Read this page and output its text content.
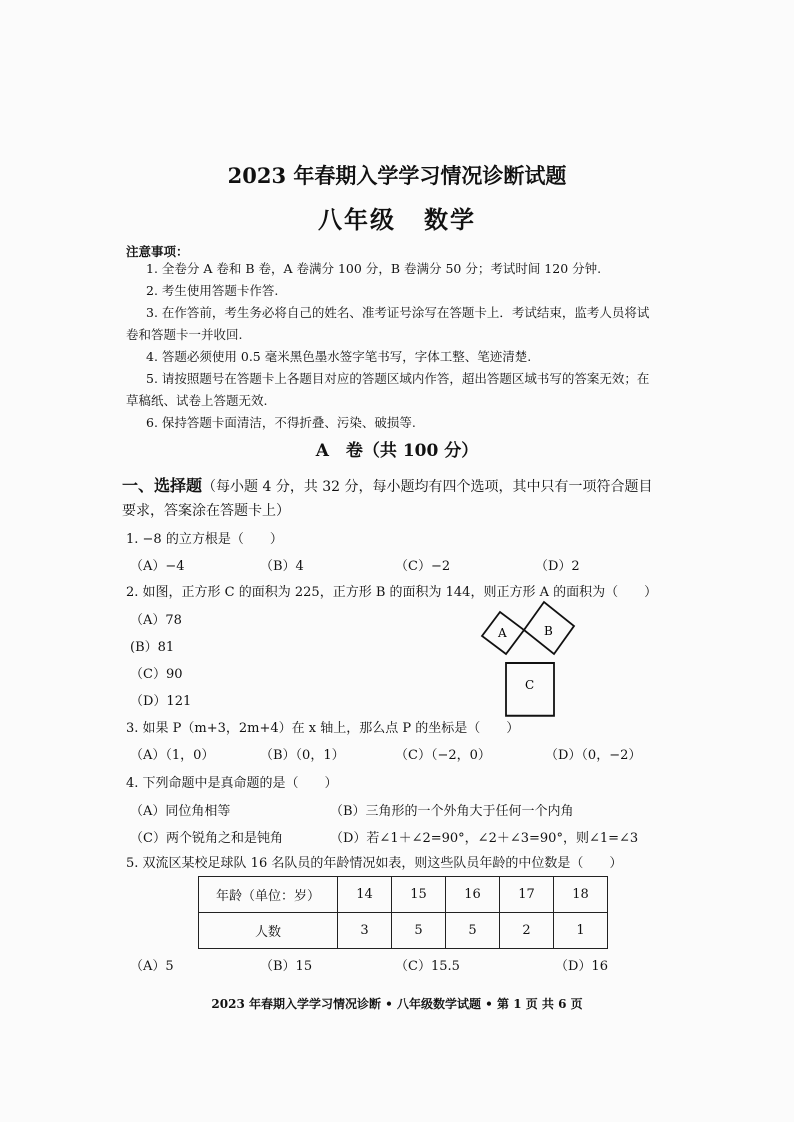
2023 年春期入学学习情况诊断试题
八年级 数学
注意事项：
1. 全卷分 A 卷和 B 卷，A 卷满分 100 分，B 卷满分 50 分；考试时间 120 分钟.
2. 考生使用答题卡作答.
3. 在作答前，考生务必将自己的姓名、准考证号涂写在答题卡上．考试结束，监考人员将试卷和答题卡一并收回.
4. 答题必须使用 0.5 毫米黑色墨水签字笔书写，字体工整、笔迹清楚.
5. 请按照题号在答题卡上各题目对应的答题区域内作答，超出答题区域书写的答案无效；在草稿纸、试卷上答题无效.
6. 保持答题卡面清洁，不得折叠、污染、破损等.
A　卷（共 100 分）
一、选择题（每小题 4 分，共 32 分，每小题均有四个选项，其中只有一项符合题目要求，答案涂在答题卡上）
1. −8 的立方根是（　　）
（A）−4	（B）4	（C）−2	（D）2
2. 如图，正方形 C 的面积为 225，正方形 B 的面积为 144，则正方形 A 的面积为（　　）
（A）78
(B）81
（C）90
（D）121
A	B
C
3. 如果 P（m+3，2m+4）在 x 轴上，那么点 P 的坐标是（　　）
（A）（1，0）	（B）（0，1）	（C）（−2，0）	（D）（0，−2）
4. 下列命题中是真命题的是（　　）
（A）同位角相等	（B）三角形的一个外角大于任何一个内角
（C）两个锐角之和是钝角	（D）若∠1＋∠2=90°，∠2＋∠3=90°，则∠1=∠3
5. 双流区某校足球队 16 名队员的年龄情况如表，则这些队员年龄的中位数是（　　）
年龄（单位：岁）	14	15	16	17	18
人数	3	5	5	2	1
（A）5	（B）15	（C）15.5	（D）16
2023 年春期入学学习情况诊断 • 八年级数学试题 • 第 1 页 共 6 页
